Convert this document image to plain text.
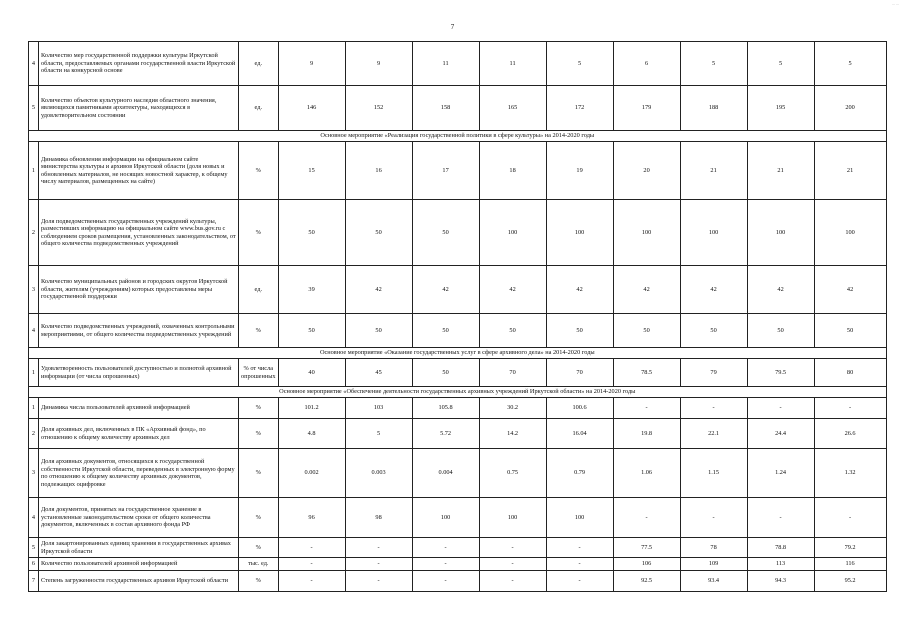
7
... ...
4	Количество мер государственной поддержки культуры Иркутской области, предоставляемых органами государственной власти Иркутской области на конкурсной основе	ед.	9	9	11	11	5	6	5	5	5
5	Количество объектов культурного наследия областного значения, являющихся памятниками архитектуры, находящихся в удовлетворительном состоянии	ед.	146	152	158	165	172	179	188	195	200
Основное мероприятие «Реализация государственной политики в сфере культуры» на 2014-2020 годы											
1	Динамика обновления информации на официальном сайте министерства культуры и архивов Иркутской области (доля новых и обновленных материалов, не носящих новостной характер, к общему числу материалов, размещенных на сайте)	%	15	16	17	18	19	20	21	21	21
2	Доля подведомственных государственных учреждений культуры, разместивших информацию на официальном сайте www.bus.gov.ru с соблюдением сроков размещения, установленных законодательством, от общего количества подведомственных учреждений	%	50	50	50	100	100	100	100	100	100
3	Количество муниципальных районов и городских округов Иркутской области, жителям (учреждениям) которых предоставлены меры государственной поддержки	ед.	39	42	42	42	42	42	42	42	42
4	Количество подведомственных учреждений, охваченных контрольными мероприятиями, от общего количества подведомственных учреждений	%	50	50	50	50	50	50	50	50	50
Основное мероприятие «Оказание государственных услуг в сфере архивного дела» на 2014-2020 годы											
1	Удовлетворенность пользователей доступностью и полнотой архивной информации (от числа опрошенных)	% от числа опрошенных	40	45	50	70	70	78.5	79	79.5	80
Основное мероприятие «Обеспечение деятельности государственных архивных учреждений Иркутской области» на 2014-2020 годы											
1	Динамика числа пользователей архивной информацией	%	101.2	103	105.8	30.2	100.6	-	-	-	-
2	Доля архивных дел, включенных в ПК «Архивный фонд», по отношению к общему количеству архивных дел	%	4.8	5	5.72	14.2	16.04	19.8	22.1	24.4	26.6
3	Доля архивных документов, относящихся к государственной собственности Иркутской области, переведенных в электронную форму по отношению к общему количеству архивных документов, подлежащих оцифровке	%	0.002	0.003	0.004	0.75	0.79	1.06	1.15	1.24	1.32
4	Доля документов, принятых на государственное хранение в установленные законодательством сроки от общего количества документов, включенных в состав архивного фонда РФ	%	96	98	100	100	100	-	-	-	-
5	Доля закартонированных единиц хранения в государственных архивах Иркутской области	%	-	-	-	-	-	77.5	78	78.8	79.2
6	Количество пользователей архивной информацией	тыс. ед.	-	-	-	-	-	106	109	113	116
7	Степень загруженности государственных архивов Иркутской области	%	-	-	-	-	-	92.5	93.4	94.3	95.2
